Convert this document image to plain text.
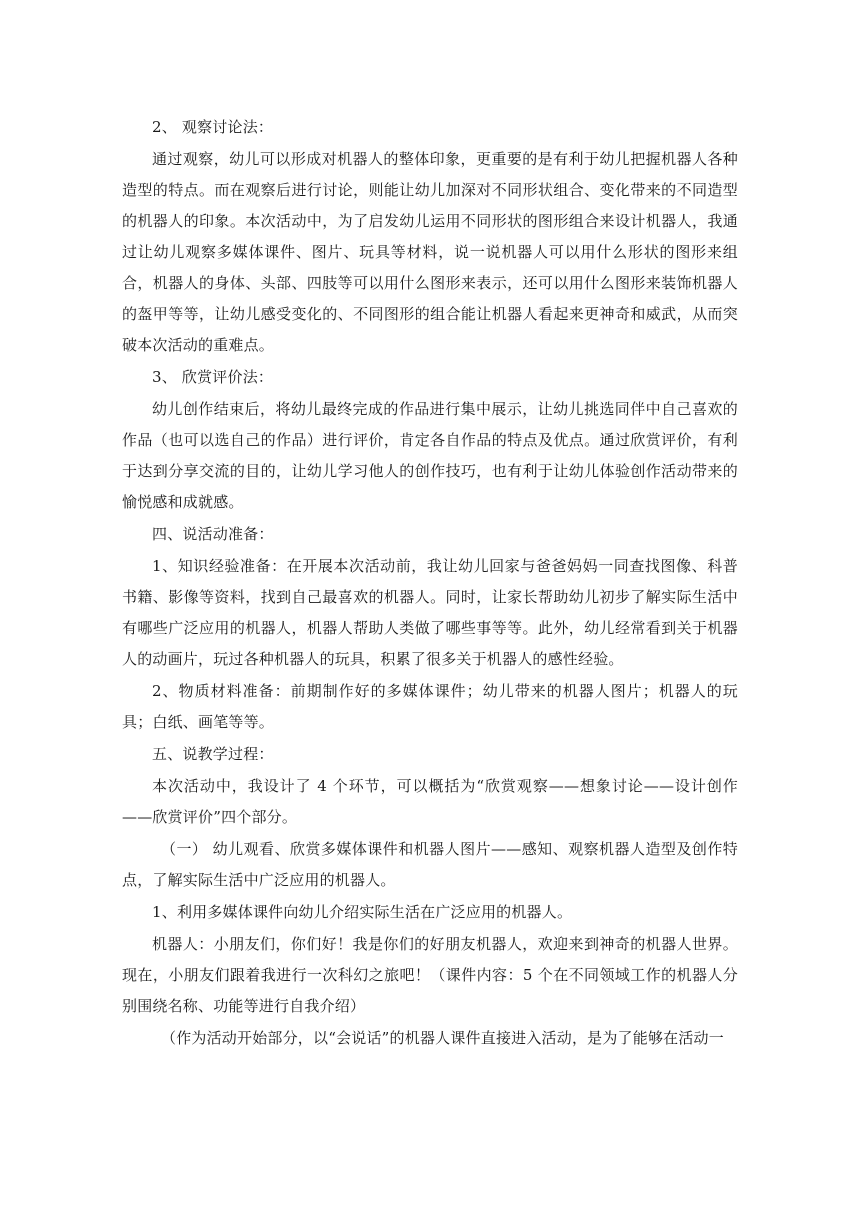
2、 观察讨论法：

通过观察，幼儿可以形成对机器人的整体印象，更重要的是有利于幼儿把握机器人各种造型的特点。而在观察后进行讨论，则能让幼儿加深对不同形状组合、变化带来的不同造型的机器人的印象。本次活动中，为了启发幼儿运用不同形状的图形组合来设计机器人，我通过让幼儿观察多媒体课件、图片、玩具等材料，说一说机器人可以用什么形状的图形来组合，机器人的身体、头部、四肢等可以用什么图形来表示，还可以用什么图形来装饰机器人的盔甲等等，让幼儿感受变化的、不同图形的组合能让机器人看起来更神奇和威武，从而突破本次活动的重难点。

3、 欣赏评价法：

幼儿创作结束后，将幼儿最终完成的作品进行集中展示，让幼儿挑选同伴中自己喜欢的作品（也可以选自己的作品）进行评价，肯定各自作品的特点及优点。通过欣赏评价，有利于达到分享交流的目的，让幼儿学习他人的创作技巧，也有利于让幼儿体验创作活动带来的愉悦感和成就感。

四、说活动准备：

1、知识经验准备：在开展本次活动前，我让幼儿回家与爸爸妈妈一同查找图像、科普书籍、影像等资料，找到自己最喜欢的机器人。同时，让家长帮助幼儿初步了解实际生活中有哪些广泛应用的机器人，机器人帮助人类做了哪些事等等。此外，幼儿经常看到关于机器人的动画片，玩过各种机器人的玩具，积累了很多关于机器人的感性经验。

2、物质材料准备：前期制作好的多媒体课件；幼儿带来的机器人图片；机器人的玩具；白纸、画笔等等。

五、说教学过程：

本次活动中，我设计了 4 个环节，可以概括为“欣赏观察——想象讨论——设计创作——欣赏评价”四个部分。

（一） 幼儿观看、欣赏多媒体课件和机器人图片——感知、观察机器人造型及创作特点，了解实际生活中广泛应用的机器人。

1、利用多媒体课件向幼儿介绍实际生活在广泛应用的机器人。

机器人：小朋友们，你们好！我是你们的好朋友机器人，欢迎来到神奇的机器人世界。现在，小朋友们跟着我进行一次科幻之旅吧！（课件内容：5 个在不同领域工作的机器人分别围绕名称、功能等进行自我介绍）

（作为活动开始部分，以“会说话”的机器人课件直接进入活动，是为了能够在活动一
